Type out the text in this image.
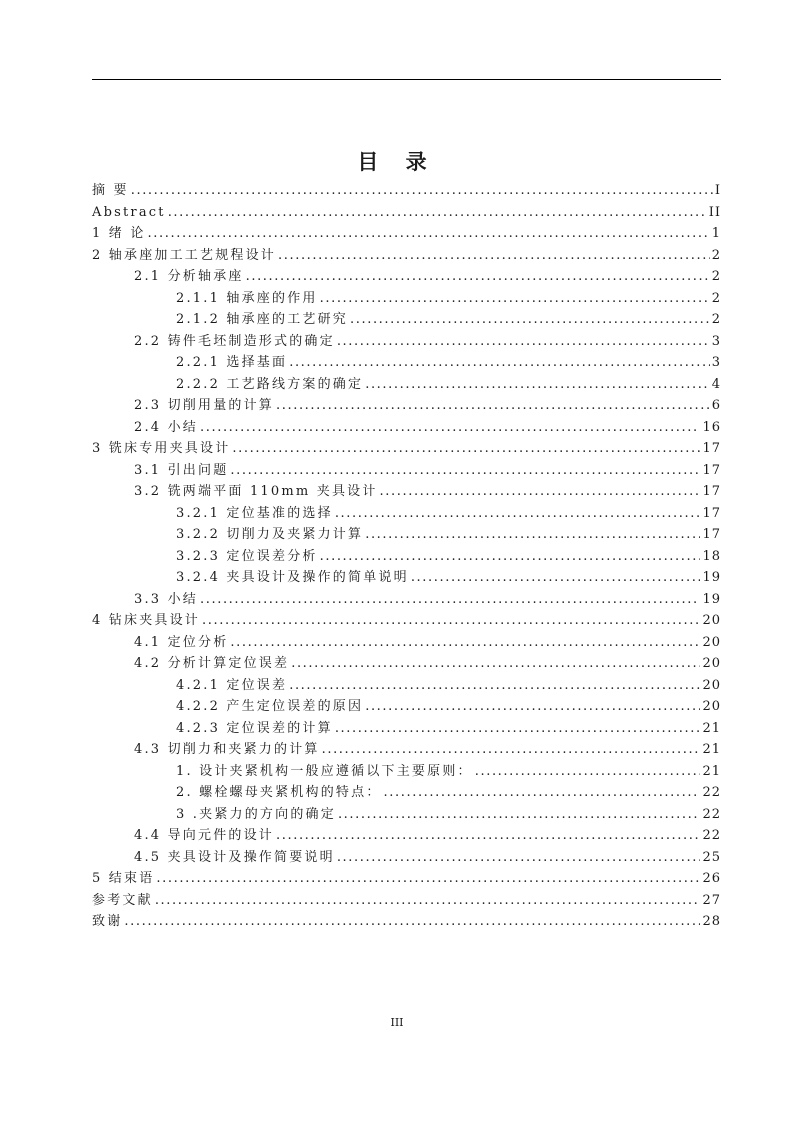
目 录
摘 要 .....	I
Abstract .....	II
1 绪 论 .....	1
2 轴承座加工工艺规程设计 .....	2
2.1 分析轴承座 .....	2
2.1.1 轴承座的作用 .....	2
2.1.2 轴承座的工艺研究 .....	2
2.2 铸件毛坯制造形式的确定 .....	3
2.2.1 选择基面 .....	3
2.2.2 工艺路线方案的确定 .....	4
2.3 切削用量的计算 .....	6
2.4 小结 .....	16
3 铣床专用夹具设计 .....	17
3.1 引出问题 .....	17
3.2 铣两端平面 110mm 夹具设计 .....	17
3.2.1 定位基准的选择 .....	17
3.2.2 切削力及夹紧力计算 .....	17
3.2.3 定位误差分析 .....	18
3.2.4 夹具设计及操作的简单说明 .....	19
3.3 小结 .....	19
4 钻床夹具设计 .....	20
4.1 定位分析 .....	20
4.2 分析计算定位误差 .....	20
4.2.1 定位误差 .....	20
4.2.2 产生定位误差的原因 .....	20
4.2.3 定位误差的计算 .....	21
4.3 切削力和夹紧力的计算 .....	21
1. 设计夹紧机构一般应遵循以下主要原则： .....	21
2. 螺栓螺母夹紧机构的特点： .....	22
3 .夹紧力的方向的确定 .....	22
4.4 导向元件的设计 .....	22
4.5 夹具设计及操作简要说明 .....	25
5 结束语 .....	26
参考文献 .....	27
致谢 .....	28
III
